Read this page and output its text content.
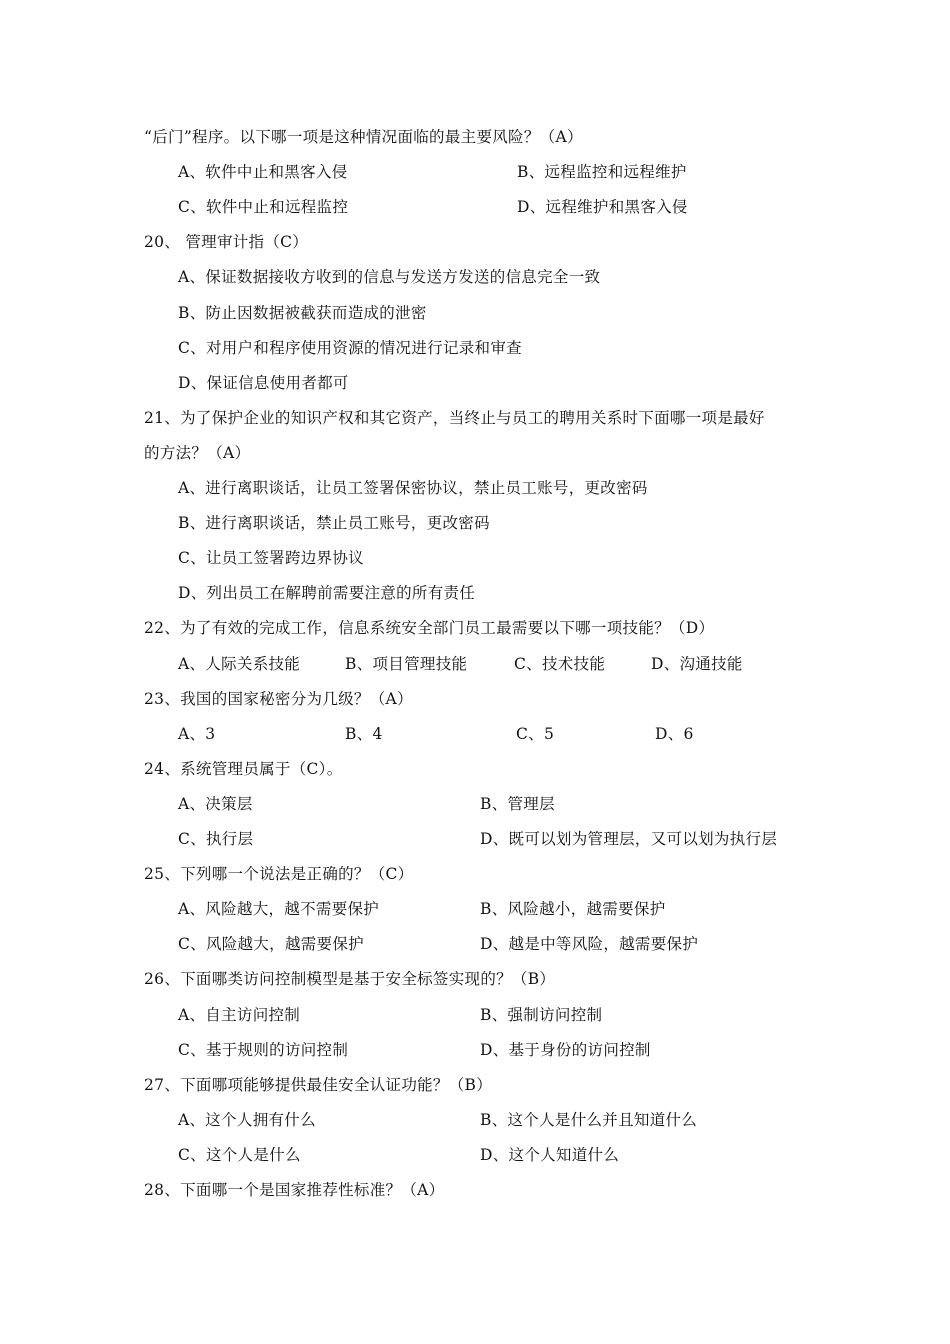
“后门”程序。以下哪一项是这种情况面临的最主要风险？（A）
A、软件中止和黑客入侵	B、远程监控和远程维护
C、软件中止和远程监控	D、远程维护和黑客入侵
20、 管理审计指（C）
A、保证数据接收方收到的信息与发送方发送的信息完全一致
B、防止因数据被截获而造成的泄密
C、对用户和程序使用资源的情况进行记录和审查
D、保证信息使用者都可
21、为了保护企业的知识产权和其它资产，当终止与员工的聘用关系时下面哪一项是最好
的方法？（A）
A、进行离职谈话，让员工签署保密协议，禁止员工账号，更改密码
B、进行离职谈话，禁止员工账号，更改密码
C、让员工签署跨边界协议
D、列出员工在解聘前需要注意的所有责任
22、为了有效的完成工作，信息系统安全部门员工最需要以下哪一项技能？（D）
A、人际关系技能	B、项目管理技能	C、技术技能	D、沟通技能
23、我国的国家秘密分为几级？（A）
A、3	B、4	C、5	D、6
24、系统管理员属于（C）。
A、决策层	B、管理层
C、执行层	D、既可以划为管理层，又可以划为执行层
25、下列哪一个说法是正确的？（C）
A、风险越大，越不需要保护	B、风险越小，越需要保护
C、风险越大，越需要保护	D、越是中等风险，越需要保护
26、下面哪类访问控制模型是基于安全标签实现的？（B）
A、自主访问控制	B、强制访问控制
C、基于规则的访问控制	D、基于身份的访问控制
27、下面哪项能够提供最佳安全认证功能？（B）
A、这个人拥有什么	B、这个人是什么并且知道什么
C、这个人是什么	D、这个人知道什么
28、下面哪一个是国家推荐性标准？（A）
